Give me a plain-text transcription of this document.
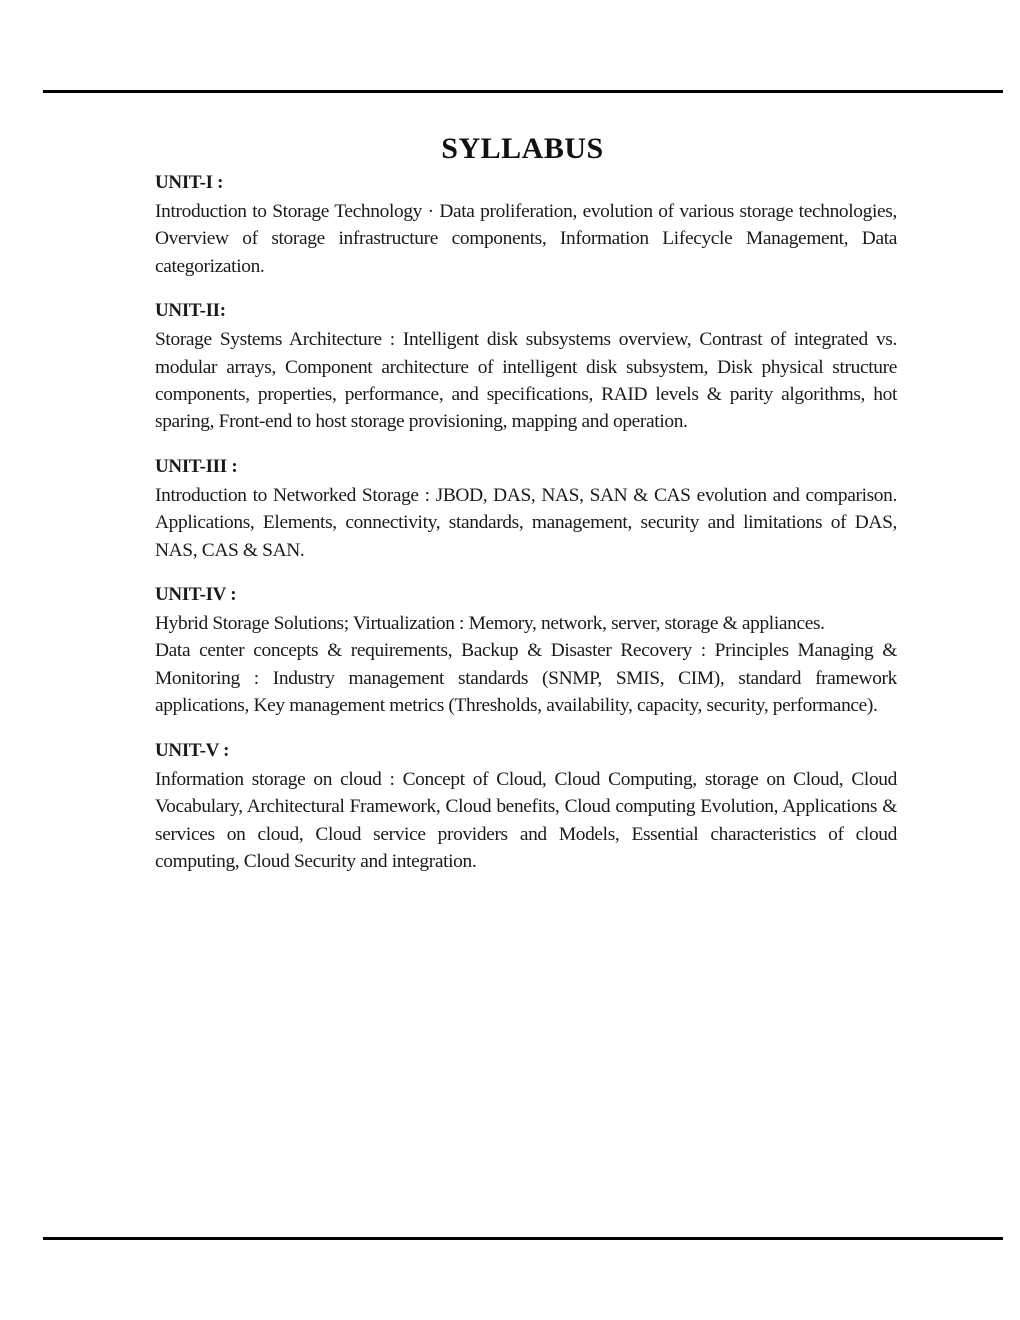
SYLLABUS
UNIT-I :

Introduction to Storage Technology · Data proliferation, evolution of various storage technologies, Overview of storage infrastructure components, Information Lifecycle Management, Data categorization.

UNIT-II:

Storage Systems Architecture : Intelligent disk subsystems overview, Contrast of integrated vs. modular arrays, Component architecture of intelligent disk subsystem, Disk physical structure components, properties, performance, and specifications, RAID levels & parity algorithms, hot sparing, Front-end to host storage provisioning, mapping and operation.

UNIT-III :

Introduction to Networked Storage : JBOD, DAS, NAS, SAN & CAS evolution and comparison. Applications, Elements, connectivity, standards, management, security and limitations of DAS, NAS, CAS & SAN.

UNIT-IV :

Hybrid Storage Solutions; Virtualization : Memory, network, server, storage & appliances.

Data center concepts & requirements, Backup & Disaster Recovery : Principles Managing & Monitoring : Industry management standards (SNMP, SMIS, CIM), standard framework applications, Key management metrics (Thresholds, availability, capacity, security, performance).

UNIT-V :

Information storage on cloud : Concept of Cloud, Cloud Computing, storage on Cloud, Cloud Vocabulary, Architectural Framework, Cloud benefits, Cloud computing Evolution, Applications & services on cloud, Cloud service providers and Models, Essential characteristics of cloud computing, Cloud Security and integration.
